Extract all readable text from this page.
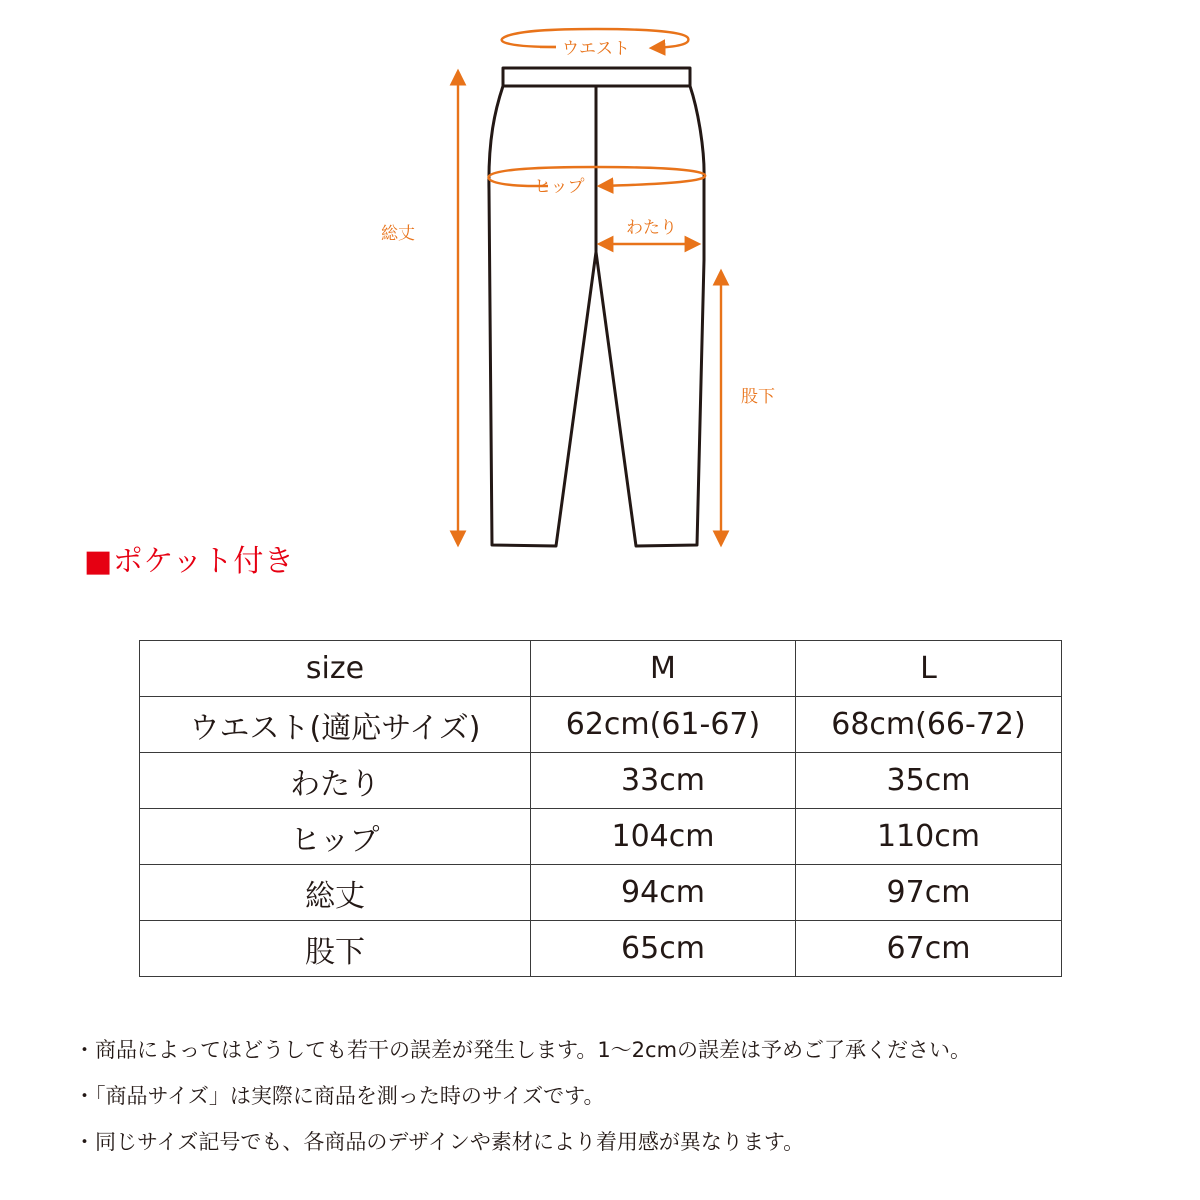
ウエスト
ヒップ
わたり
総丈
股下
■ポケット付き
size	M	L
ウエスト(適応サイズ)	62cm(61-67)	68cm(66-72)
わたり	33cm	35cm
ヒップ	104cm	110cm
総丈	94cm	97cm
股下	65cm	67cm
・商品によってはどうしても若干の誤差が発生します。1〜2cmの誤差は予めご了承ください。
・「商品サイズ」は実際に商品を測った時のサイズです。
・同じサイズ記号でも、各商品のデザインや素材により着用感が異なります。
